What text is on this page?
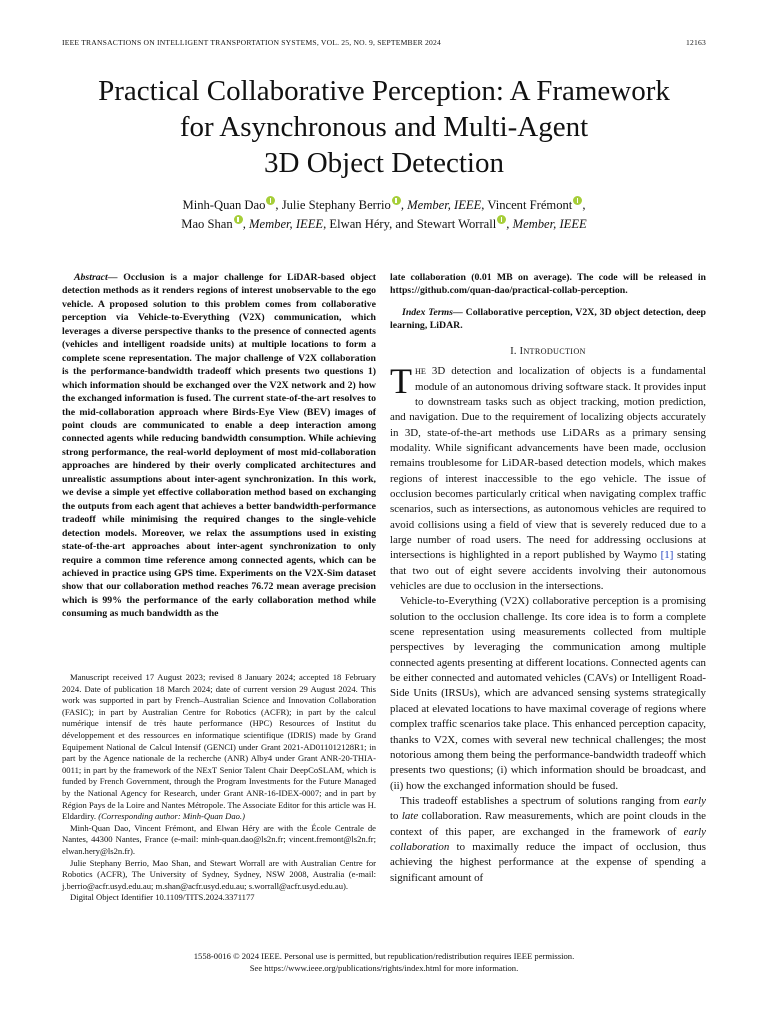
IEEE TRANSACTIONS ON INTELLIGENT TRANSPORTATION SYSTEMS, VOL. 25, NO. 9, SEPTEMBER 2024	12163
Practical Collaborative Perception: A Framework
for Asynchronous and Multi-Agent
3D Object Detection
Minh-Quan Dao , Julie Stephany Berrio , Member, IEEE, Vincent Frémont ,
Mao Shan , Member, IEEE, Elwan Héry, and Stewart Worrall , Member, IEEE

Abstract— Occlusion is a major challenge for LiDAR-based object detection methods as it renders regions of interest unobservable to the ego vehicle. A proposed solution to this problem comes from collaborative perception via Vehicle-to-Everything (V2X) communication, which leverages a diverse perspective thanks to the presence of connected agents (vehicles and intelligent roadside units) at multiple locations to form a complete scene representation. The major challenge of V2X collaboration is the performance-bandwidth tradeoff which presents two questions 1) which information should be exchanged over the V2X network and 2) how the exchanged information is fused. The current state-of-the-art resolves to the mid-collaboration approach where Birds-Eye View (BEV) images of point clouds are communicated to enable a deep interaction among connected agents while reducing bandwidth consumption. While achieving strong performance, the real-world deployment of most mid-collaboration approaches are hindered by their overly complicated architectures and unrealistic assumptions about inter-agent synchronization. In this work, we devise a simple yet effective collaboration method based on exchanging the outputs from each agent that achieves a better bandwidth-performance tradeoff while minimising the required changes to the single-vehicle detection models. Moreover, we relax the assumptions used in existing state-of-the-art approaches about inter-agent synchronization to only require a common time reference among connected agents, which can be achieved in practice using GPS time. Experiments on the V2X-Sim dataset show that our collaboration method reaches 76.72 mean average precision which is 99% the performance of the early collaboration method while consuming as much bandwidth as the

Manuscript received 17 August 2023; revised 8 January 2024; accepted 18 February 2024. Date of publication 18 March 2024; date of current version 29 August 2024. This work was supported in part by French–Australian Science and Innovation Collaboration (FASIC); in part by Australian Centre for Robotics (ACFR); in part by the calcul numérique intensif de très haute performance (HPC) Resources of Institut du développement et des ressources en informatique scientifique (IDRIS) made by Grand Equipement National de Calcul Intensif (GENCI) under Grant 2021-AD011012128R1; in part by the Agence nationale de la recherche (ANR) Alby4 under Grant ANR-20-THIA-0011; in part by the framework of the NExT Senior Talent Chair DeepCoSLAM, which is funded by French Government, through the Program Investments for the Future Managed by the National Agency for Research, under Grant ANR-16-IDEX-0007; and in part by Région Pays de la Loire and Nantes Métropole. The Associate Editor for this article was H. Eldardiry. (Corresponding author: Minh-Quan Dao.)

Minh-Quan Dao, Vincent Frémont, and Elwan Héry are with the École Centrale de Nantes, 44300 Nantes, France (e-mail: minh-quan.dao@ls2n.fr; vincent.fremont@ls2n.fr; elwan.hery@ls2n.fr).

Julie Stephany Berrio, Mao Shan, and Stewart Worrall are with Australian Centre for Robotics (ACFR), The University of Sydney, Sydney, NSW 2008, Australia (e-mail: j.berrio@acfr.usyd.edu.au; m.shan@acfr.usyd.edu.au; s.worrall@acfr.usyd.edu.au).

Digital Object Identifier 10.1109/TITS.2024.3371177

late collaboration (0.01 MB on average). The code will be released in https://github.com/quan-dao/practical-collab-perception.

Index Terms— Collaborative perception, V2X, 3D object detection, deep learning, LiDAR.

I. INTRODUCTION

THE 3D detection and localization of objects is a fundamental module of an autonomous driving software stack. It provides input to downstream tasks such as object tracking, motion prediction, and navigation. Due to the requirement of localizing objects accurately in 3D, state-of-the-art methods use LiDARs as a primary sensing modality. While significant advancements have been made, occlusion remains troublesome for LiDAR-based detection models, which makes regions of interest inaccessible to the ego vehicle. The issue of occlusion becomes particularly critical when navigating complex traffic scenarios, such as intersections, as autonomous vehicles are required to avoid collisions using a field of view that is severely reduced due to a large number of road users. The need for addressing occlusions at intersections is highlighted in a report published by Waymo [1] stating that two out of eight severe accidents involving their autonomous vehicles are due to occlusion in the intersections.

Vehicle-to-Everything (V2X) collaborative perception is a promising solution to the occlusion challenge. Its core idea is to form a complete scene representation using measurements collected from multiple perspectives by leveraging the communication among multiple connected agents presenting at different locations. Connected agents can be either connected and automated vehicles (CAVs) or Intelligent Road-Side Units (IRSUs), which are advanced sensing systems strategically placed at elevated locations to have maximal coverage of regions where complex traffic scenarios take place. This enhanced perception capacity, thanks to V2X, comes with several new technical challenges; the most notorious among them being the performance-bandwidth tradeoff which presents two questions; (i) which information should be broadcast, and (ii) how the exchanged information should be fused.

This tradeoff establishes a spectrum of solutions ranging from early to late collaboration. Raw measurements, which are point clouds in the context of this paper, are exchanged in the framework of early collaboration to maximally reduce the impact of occlusion, thus achieving the highest performance at the expense of spending a significant amount of

1558-0016 © 2024 IEEE. Personal use is permitted, but republication/redistribution requires IEEE permission.
See https://www.ieee.org/publications/rights/index.html for more information.
